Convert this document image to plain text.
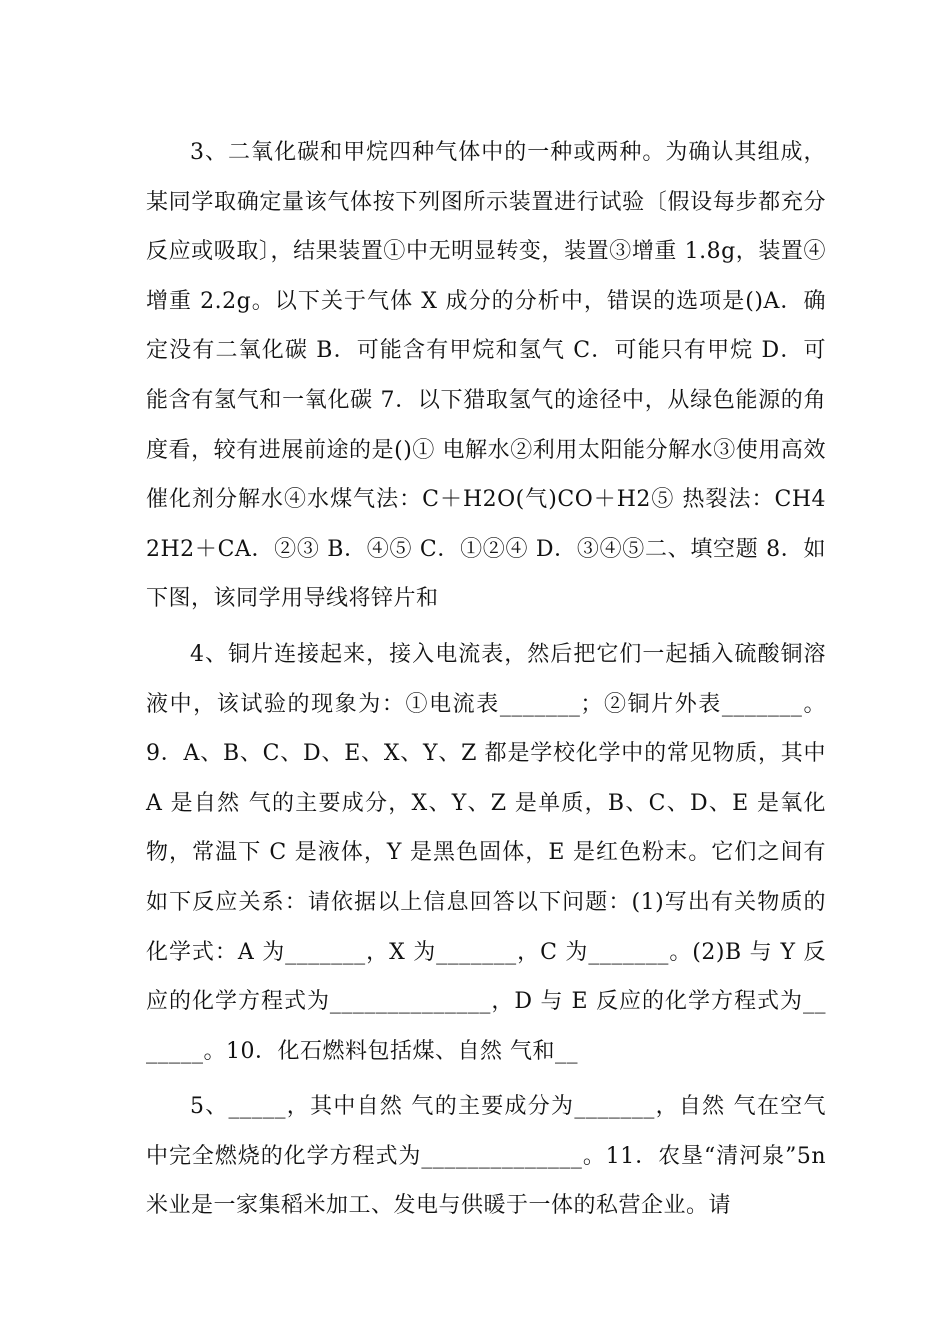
3、二氧化碳和甲烷四种气体中的一种或两种。为确认其组成，某同学取确定量该气体按下列图所示装置进行试验〔假设每步都充分反应或吸取〕，结果装置①中无明显转变，装置③增重 1.8g，装置④增重 2.2g。以下关于气体 X 成分的分析中，错误的选项是()A．确定没有二氧化碳 B．可能含有甲烷和氢气 C．可能只有甲烷 D．可能含有氢气和一氧化碳 7．以下猎取氢气的途径中，从绿色能源的角度看，较有进展前途的是()① 电解水②利用太阳能分解水③使用高效催化剂分解水④水煤气法：C＋H2O(气)CO＋H2⑤ 热裂法：CH42H2＋CA．②③ B．④⑤ C．①②④ D．③④⑤二、填空题 8．如下图，该同学用导线将锌片和

4、铜片连接起来，接入电流表，然后把它们一起插入硫酸铜溶液中，该试验的现象为：①电流表_______；②铜片外表_______。9．A、B、C、D、E、X、Y、Z 都是学校化学中的常见物质，其中 A 是自然 气的主要成分，X、Y、Z 是单质，B、C、D、E 是氧化物，常温下 C 是液体，Y 是黑色固体，E 是红色粉末。它们之间有如下反应关系：请依据以上信息回答以下问题：(1)写出有关物质的化学式：A 为_______，X 为_______，C 为_______。(2)B 与 Y 反应的化学方程式为______________，D 与 E 反应的化学方程式为_______。10．化石燃料包括煤、自然 气和__

5、_____，其中自然 气的主要成分为_______，自然 气在空气中完全燃烧的化学方程式为______________。11．农垦“清河泉”5n 米业是一家集稻米加工、发电与供暖于一体的私营企业。请
